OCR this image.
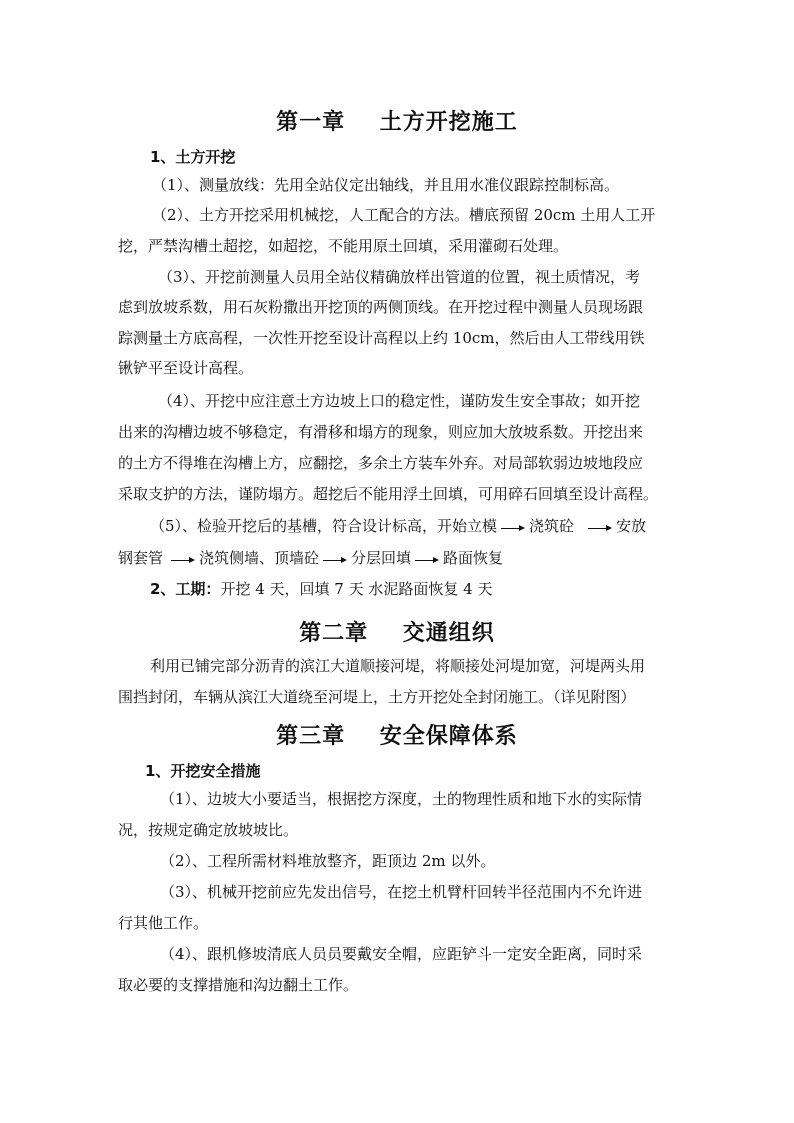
第一章    土方开挖施工
1、土方开挖
（1）、测量放线：先用全站仪定出轴线，并且用水准仪跟踪控制标高。
（2）、土方开挖采用机械挖，人工配合的方法。槽底预留 20cm 土用人工开
挖，严禁沟槽土超挖，如超挖，不能用原土回填，采用灌砌石处理。
（3）、开挖前测量人员用全站仪精确放样出管道的位置，视土质情况，考
虑到放坡系数，用石灰粉撒出开挖顶的两侧顶线。在开挖过程中测量人员现场跟
踪测量土方底高程，一次性开挖至设计高程以上约 10cm，然后由人工带线用铁
锹铲平至设计高程。
（4）、开挖中应注意土方边坡上口的稳定性，谨防发生安全事故；如开挖
出来的沟槽边坡不够稳定，有滑移和塌方的现象，则应加大放坡系数。开挖出来
的土方不得堆在沟槽上方，应翻挖，多余土方装车外弃。对局部软弱边坡地段应
采取支护的方法，谨防塌方。超挖后不能用浮土回填，可用碎石回填至设计高程。
（5）、检验开挖后的基槽，符合设计标高，开始立模 浇筑砼	安放
钢套管 浇筑侧墙、顶墙砼 分层回填 路面恢复
2、工期：开挖 4 天，回填 7 天 水泥路面恢复 4 天
第二章    交通组织
利用已铺完部分沥青的滨江大道顺接河堤，将顺接处河堤加宽，河堤两头用
围挡封闭，车辆从滨江大道绕至河堤上，土方开挖处全封闭施工。（详见附图）
第三章    安全保障体系
1、开挖安全措施
（1）、边坡大小要适当，根据挖方深度，土的物理性质和地下水的实际情
况，按规定确定放坡坡比。
（2）、工程所需材料堆放整齐，距顶边 2m 以外。
（3）、机械开挖前应先发出信号，在挖土机臂杆回转半径范围内不允许进
行其他工作。
（4）、跟机修坡清底人员员要戴安全帽，应距铲斗一定安全距离，同时采
取必要的支撑措施和沟边翻土工作。
